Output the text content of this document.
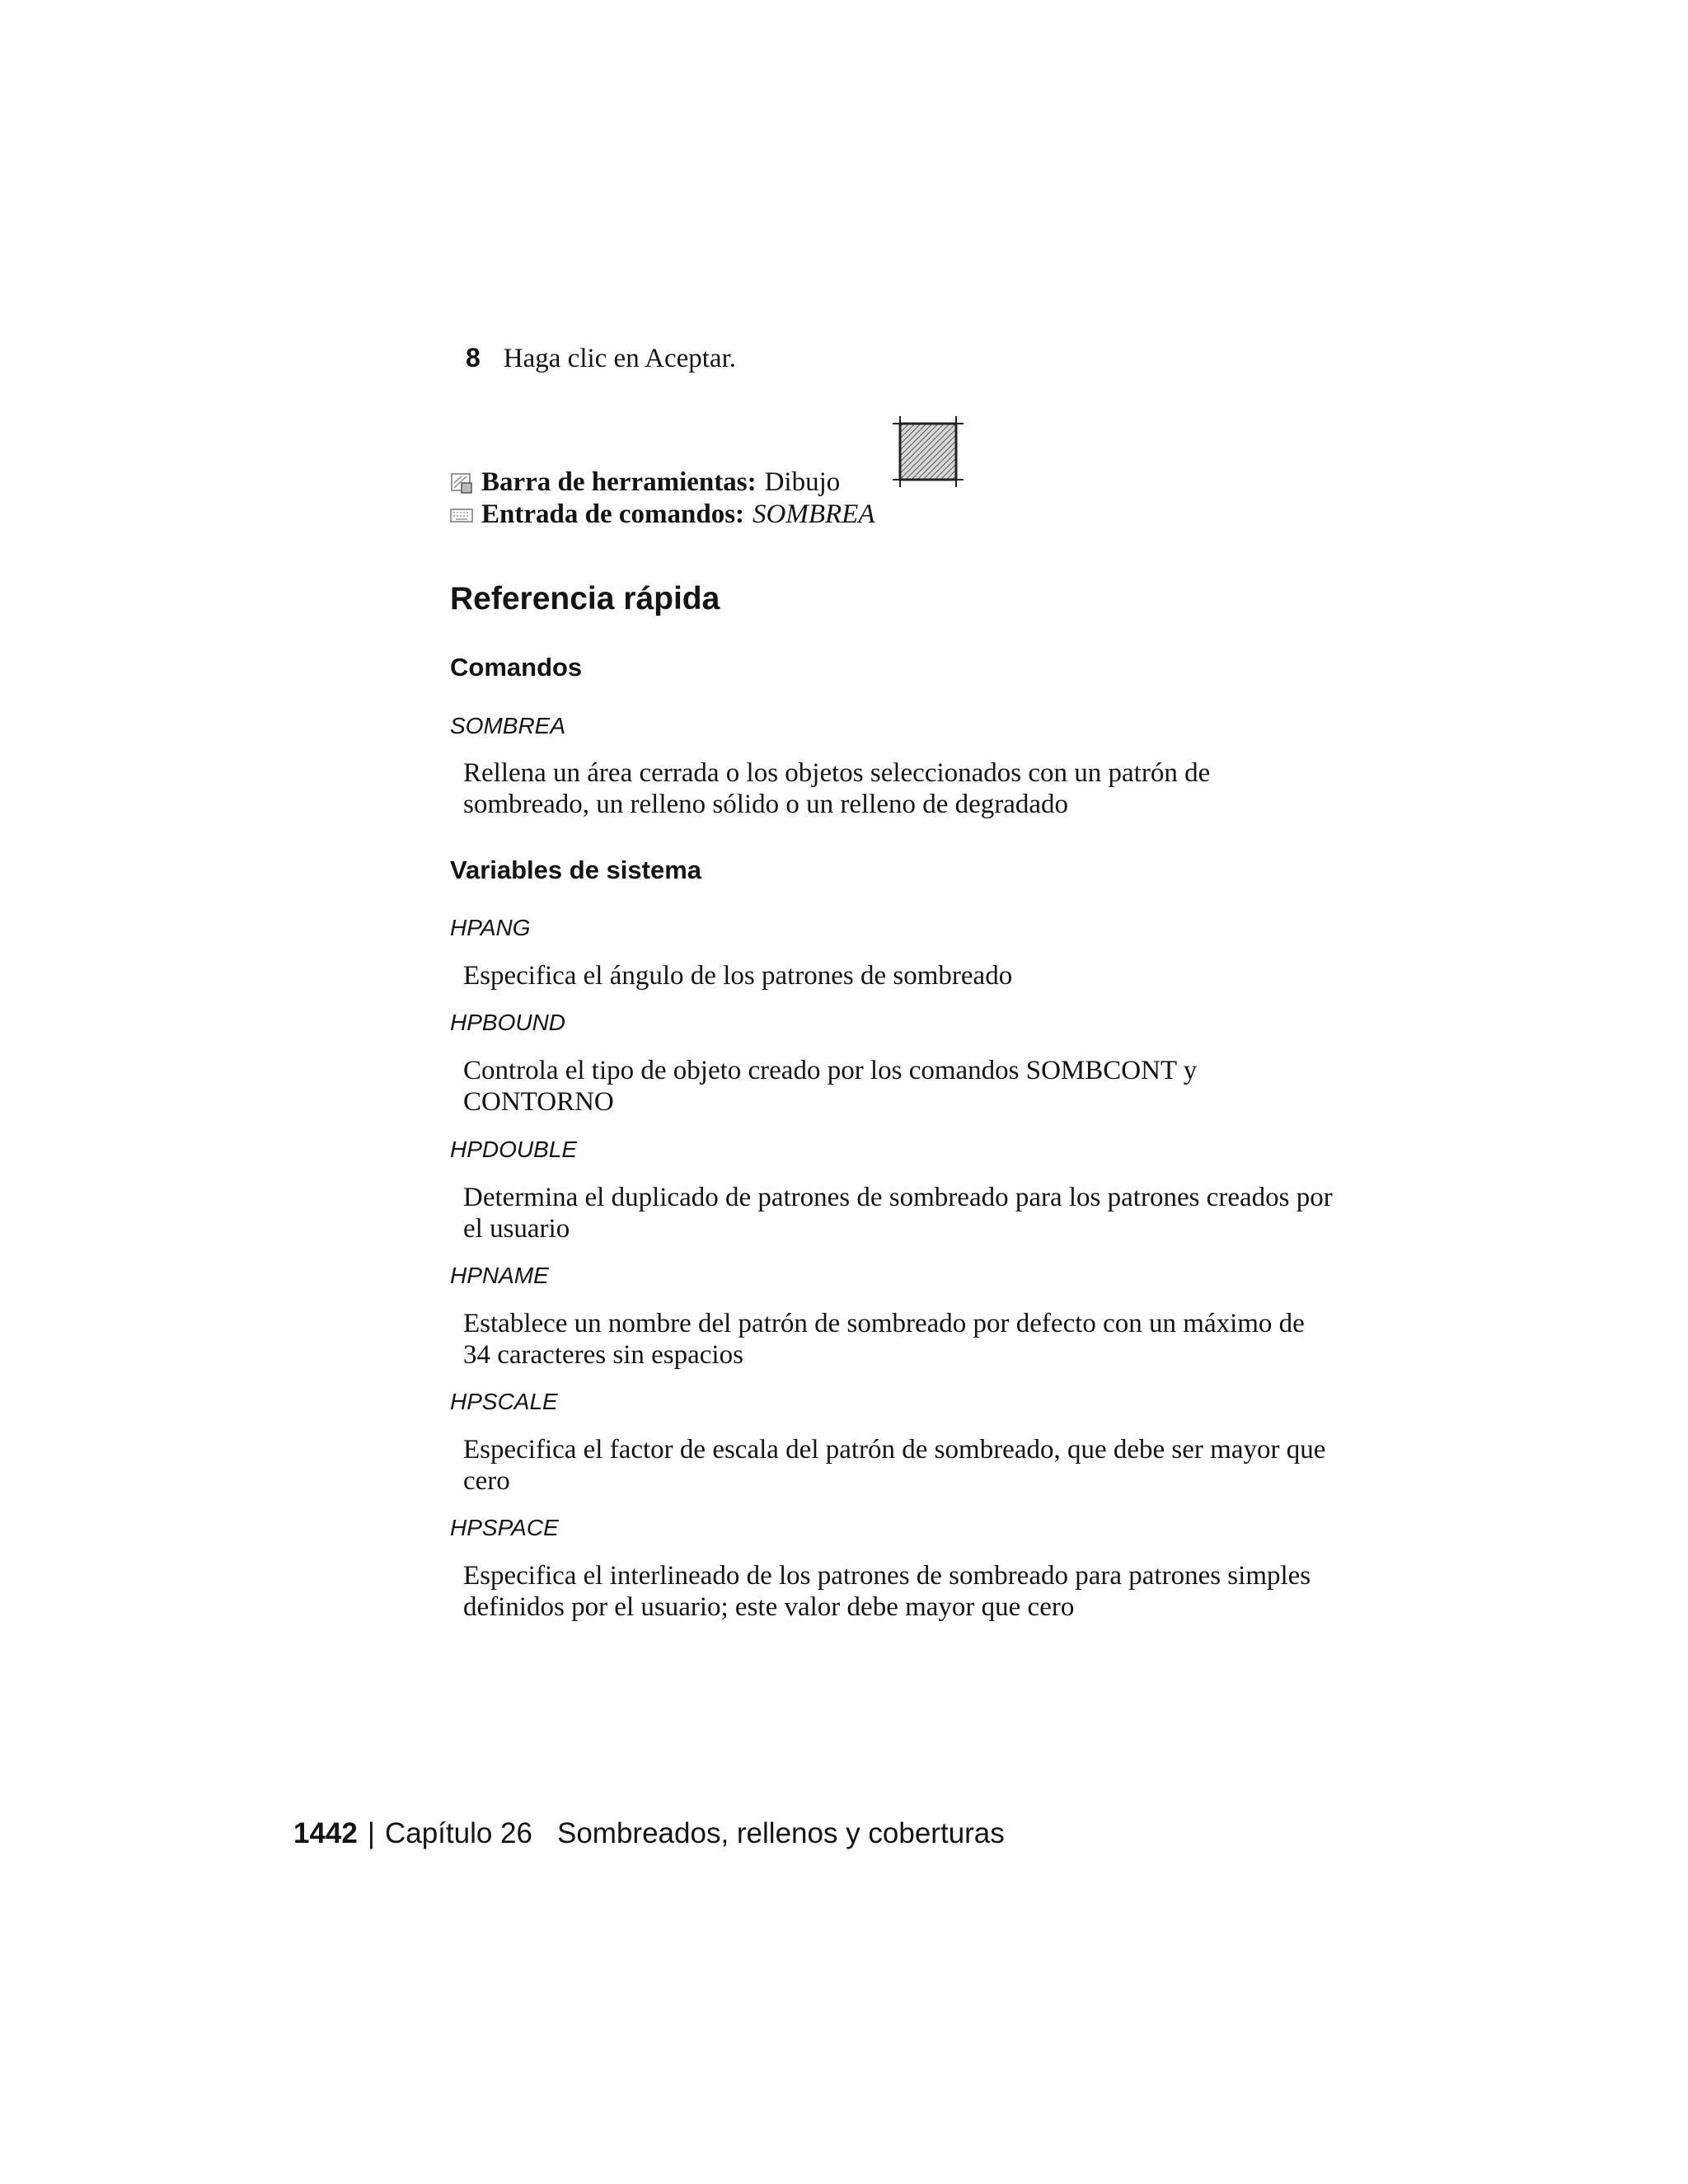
8 Haga clic en Aceptar.
Barra de herramientas: Dibujo
Entrada de comandos: SOMBREA
Referencia rápida
Comandos
SOMBREA
Rellena un área cerrada o los objetos seleccionados con un patrón de sombreado, un relleno sólido o un relleno de degradado
Variables de sistema
HPANG
Especifica el ángulo de los patrones de sombreado
HPBOUND
Controla el tipo de objeto creado por los comandos SOMBCONT y CONTORNO
HPDOUBLE
Determina el duplicado de patrones de sombreado para los patrones creados por el usuario
HPNAME
Establece un nombre del patrón de sombreado por defecto con un máximo de 34 caracteres sin espacios
HPSCALE
Especifica el factor de escala del patrón de sombreado, que debe ser mayor que cero
HPSPACE
Especifica el interlineado de los patrones de sombreado para patrones simples definidos por el usuario; este valor debe mayor que cero
1442 | Capítulo 26 Sombreados, rellenos y coberturas
